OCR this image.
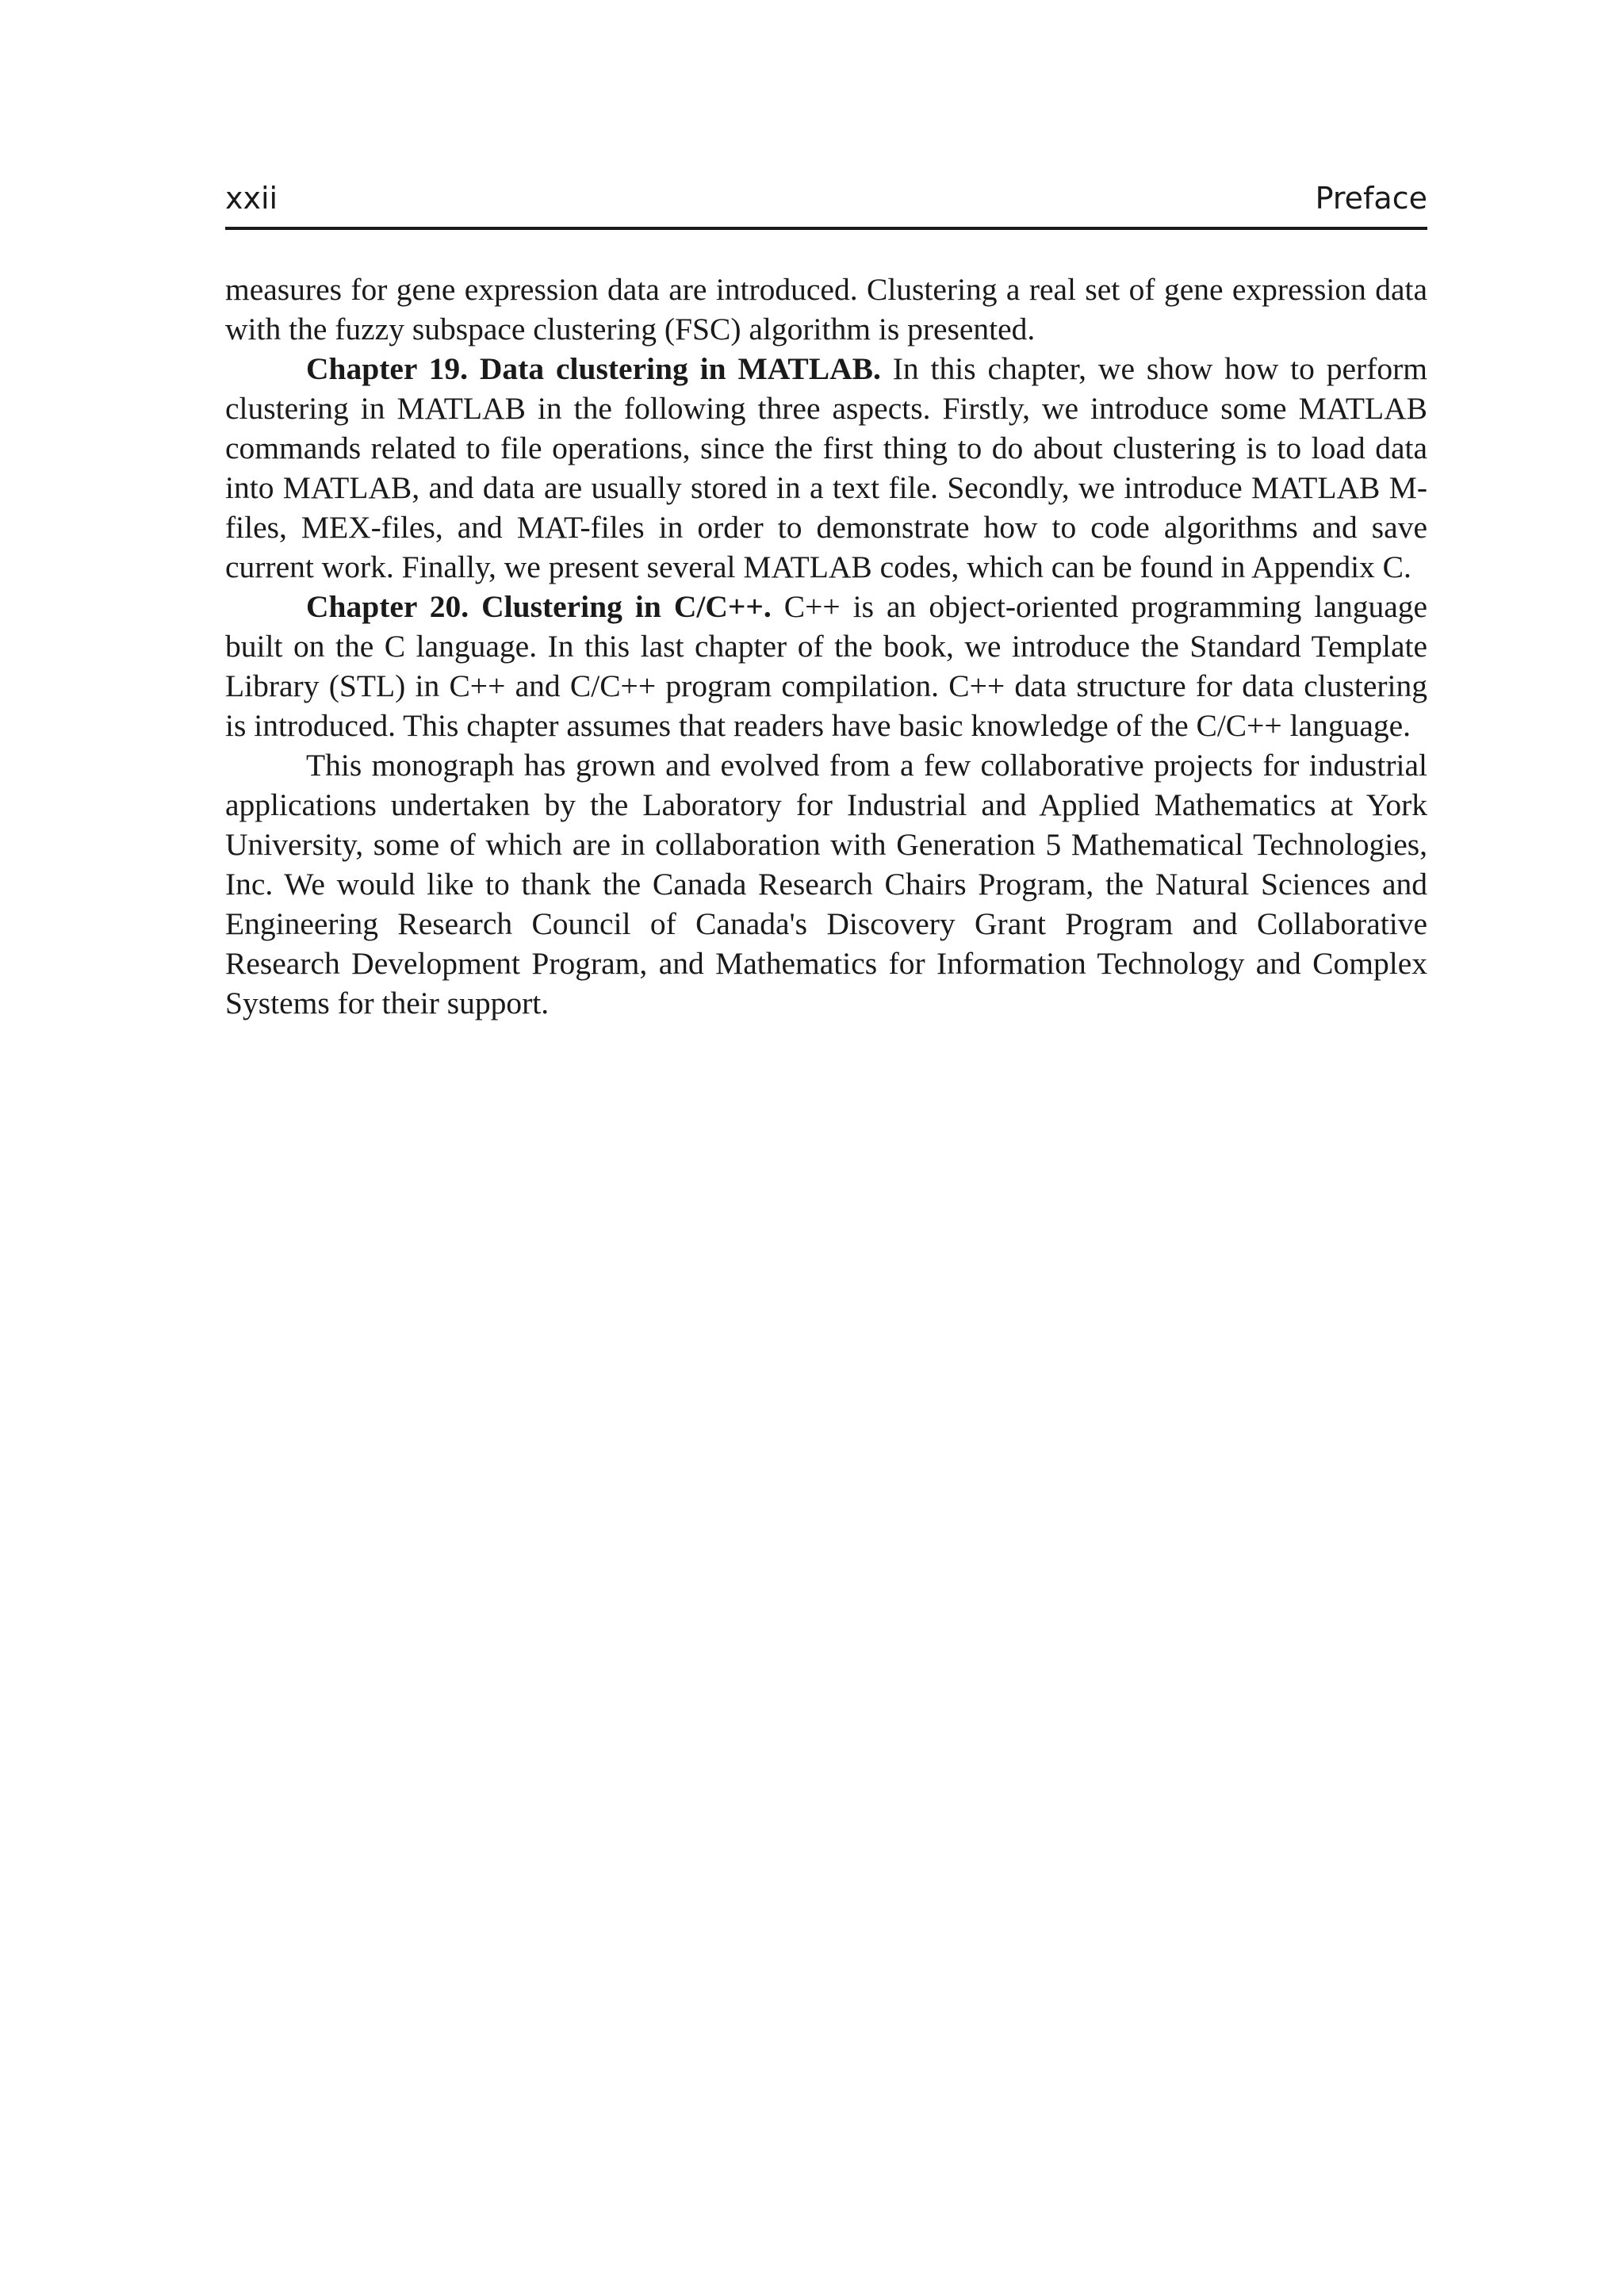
xxii	Preface

measures for gene expression data are introduced. Clustering a real set of gene expression data with the fuzzy subspace clustering (FSC) algorithm is presented.

Chapter 19. Data clustering in MATLAB. In this chapter, we show how to perform clustering in MATLAB in the following three aspects. Firstly, we introduce some MATLAB commands related to file operations, since the first thing to do about clustering is to load data into MATLAB, and data are usually stored in a text file. Secondly, we introduce MATLAB M-files, MEX-files, and MAT-files in order to demonstrate how to code algorithms and save current work. Finally, we present several MATLAB codes, which can be found in Appendix C.

Chapter 20. Clustering in C/C++. C++ is an object-oriented programming language built on the C language. In this last chapter of the book, we introduce the Standard Template Library (STL) in C++ and C/C++ program compilation. C++ data structure for data clustering is introduced. This chapter assumes that readers have basic knowledge of the C/C++ language.

This monograph has grown and evolved from a few collaborative projects for industrial applications undertaken by the Laboratory for Industrial and Applied Mathematics at York University, some of which are in collaboration with Generation 5 Mathematical Technologies, Inc. We would like to thank the Canada Research Chairs Program, the Natural Sciences and Engineering Research Council of Canada's Discovery Grant Program and Collaborative Research Development Program, and Mathematics for Information Technology and Complex Systems for their support.
